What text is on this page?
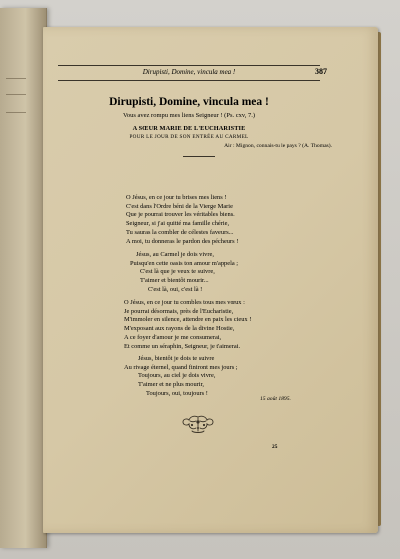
Dirupisti, Domine, vincula mea !	387
Dirupisti, Domine, vincula mea !
Vous avez rompu mes liens Seigneur ! (Ps. cxv, 7.)
A SŒUR MARIE DE L'EUCHARISTIE
POUR LE JOUR DE SON ENTRÉE AU CARMEL
Air : Mignon, connais-tu le pays ? (A. Thomas).
O Jésus, en ce jour tu brises mes liens !
C'est dans l'Ordre béni de la Vierge Marie
Que je pourrai trouver les véritables biens.
Seigneur, si j'ai quitté ma famille chérie,
Tu sauras la combler de célestes faveurs...
A moi, tu donneras le pardon des pécheurs !
Jésus, au Carmel je dois vivre,
Puisqu'en cette oasis ton amour m'appela ;
C'est là que je veux te suivre,
T'aimer et bientôt mourir...
C'est là, oui, c'est là !
O Jésus, en ce jour tu combles tous mes vœux :
Je pourrai désormais, près de l'Eucharistie,
M'immoler en silence, attendre en paix les cieux !
M'exposant aux rayons de la divine Hostie,
A ce foyer d'amour je me consumerai,
Et comme un séraphin, Seigneur, je t'aimerai.
Jésus, bientôt je dois te suivre
Au rivage éternel, quand finiront mes jours ;
Toujours, au ciel je dois vivre,
T'aimer et ne plus mourir,
Toujours, oui, toujours !
15 août 1895.
25
